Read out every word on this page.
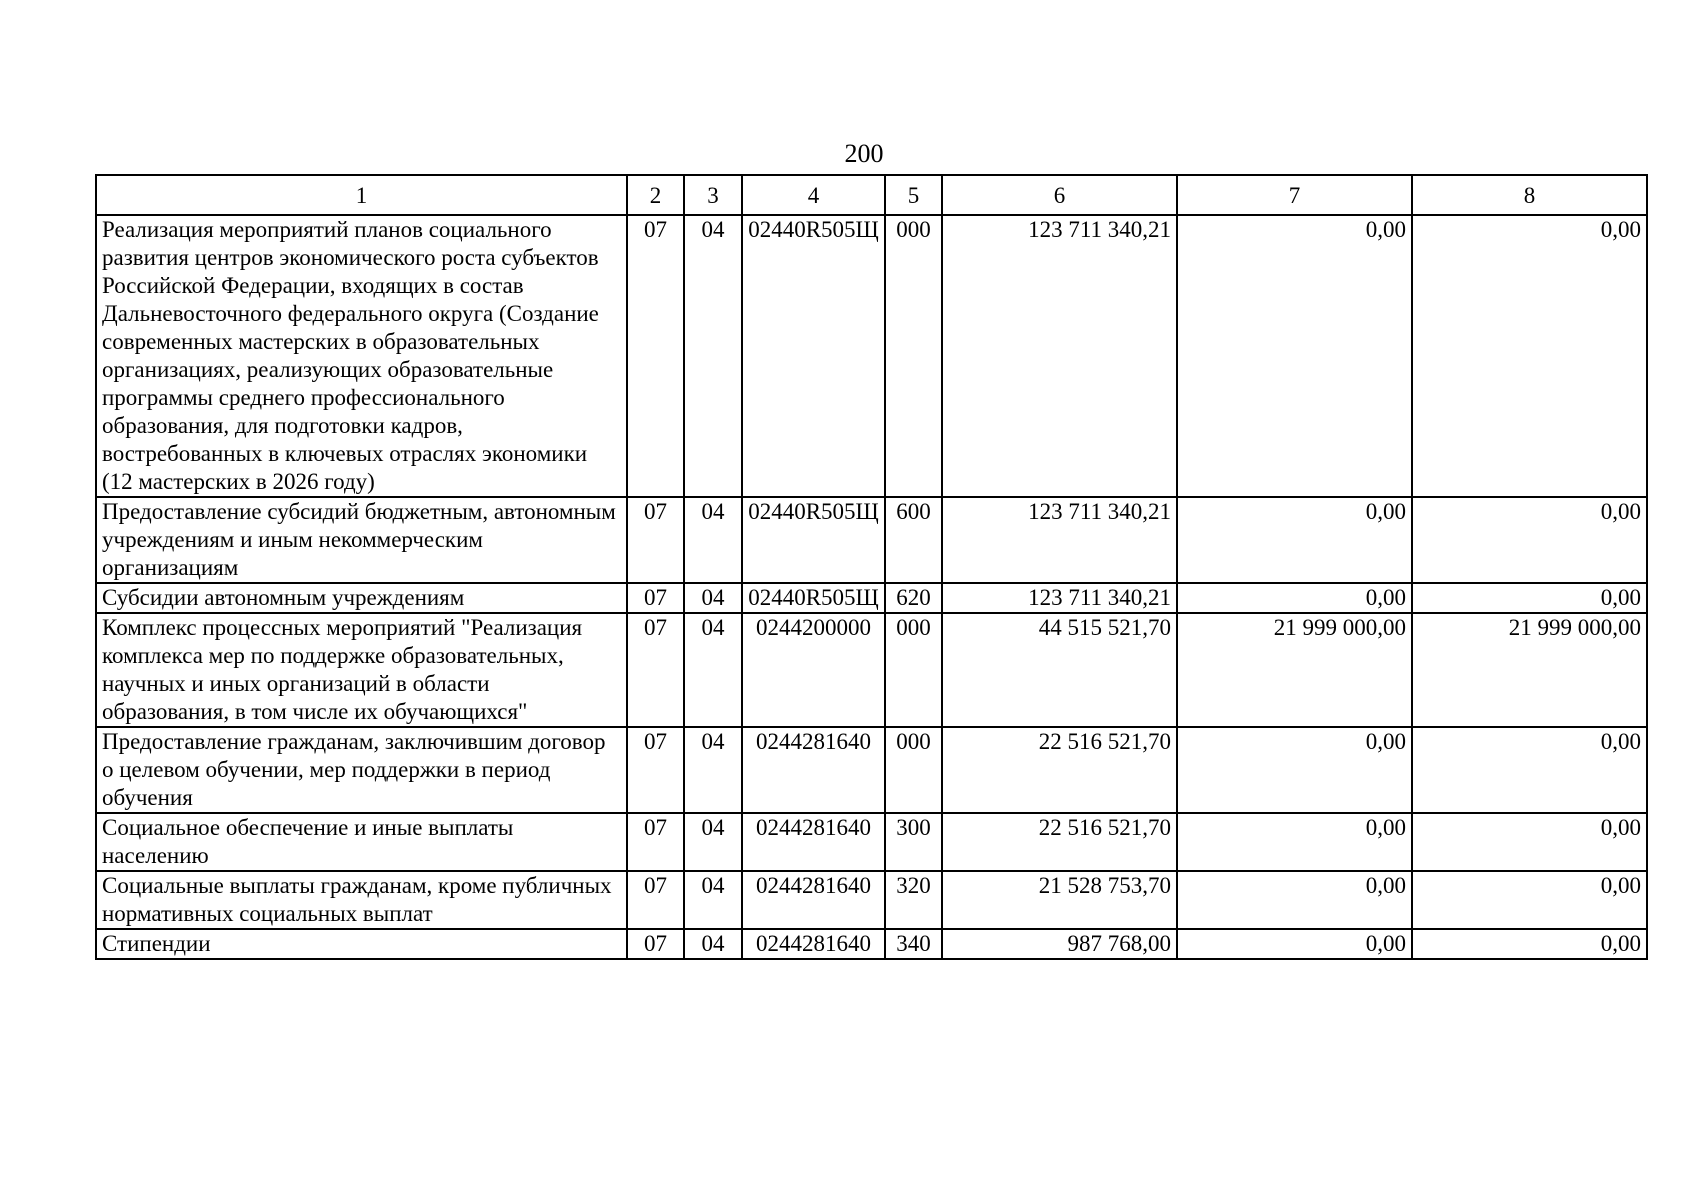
200
1	2	3	4	5	6	7	8
Реализация мероприятий планов социального развития центров экономического роста субъектов Российской Федерации, входящих в состав Дальневосточного федерального округа (Создание современных мастерских в образовательных организациях, реализующих образовательные программы среднего профессионального образования, для подготовки кадров, востребованных в ключевых отраслях экономики (12 мастерских в 2026 году)	07	04	02440R505Щ	000	123 711 340,21	0,00	0,00
Предоставление субсидий бюджетным, автономным учреждениям и иным некоммерческим организациям	07	04	02440R505Щ	600	123 711 340,21	0,00	0,00
Субсидии автономным учреждениям	07	04	02440R505Щ	620	123 711 340,21	0,00	0,00
Комплекс процессных мероприятий "Реализация комплекса мер по поддержке образовательных, научных и иных организаций в области образования, в том числе их обучающихся"	07	04	0244200000	000	44 515 521,70	21 999 000,00	21 999 000,00
Предоставление гражданам, заключившим договор о целевом обучении, мер поддержки в период обучения	07	04	0244281640	000	22 516 521,70	0,00	0,00
Социальное обеспечение и иные выплаты населению	07	04	0244281640	300	22 516 521,70	0,00	0,00
Социальные выплаты гражданам, кроме публичных нормативных социальных выплат	07	04	0244281640	320	21 528 753,70	0,00	0,00
Стипендии	07	04	0244281640	340	987 768,00	0,00	0,00
